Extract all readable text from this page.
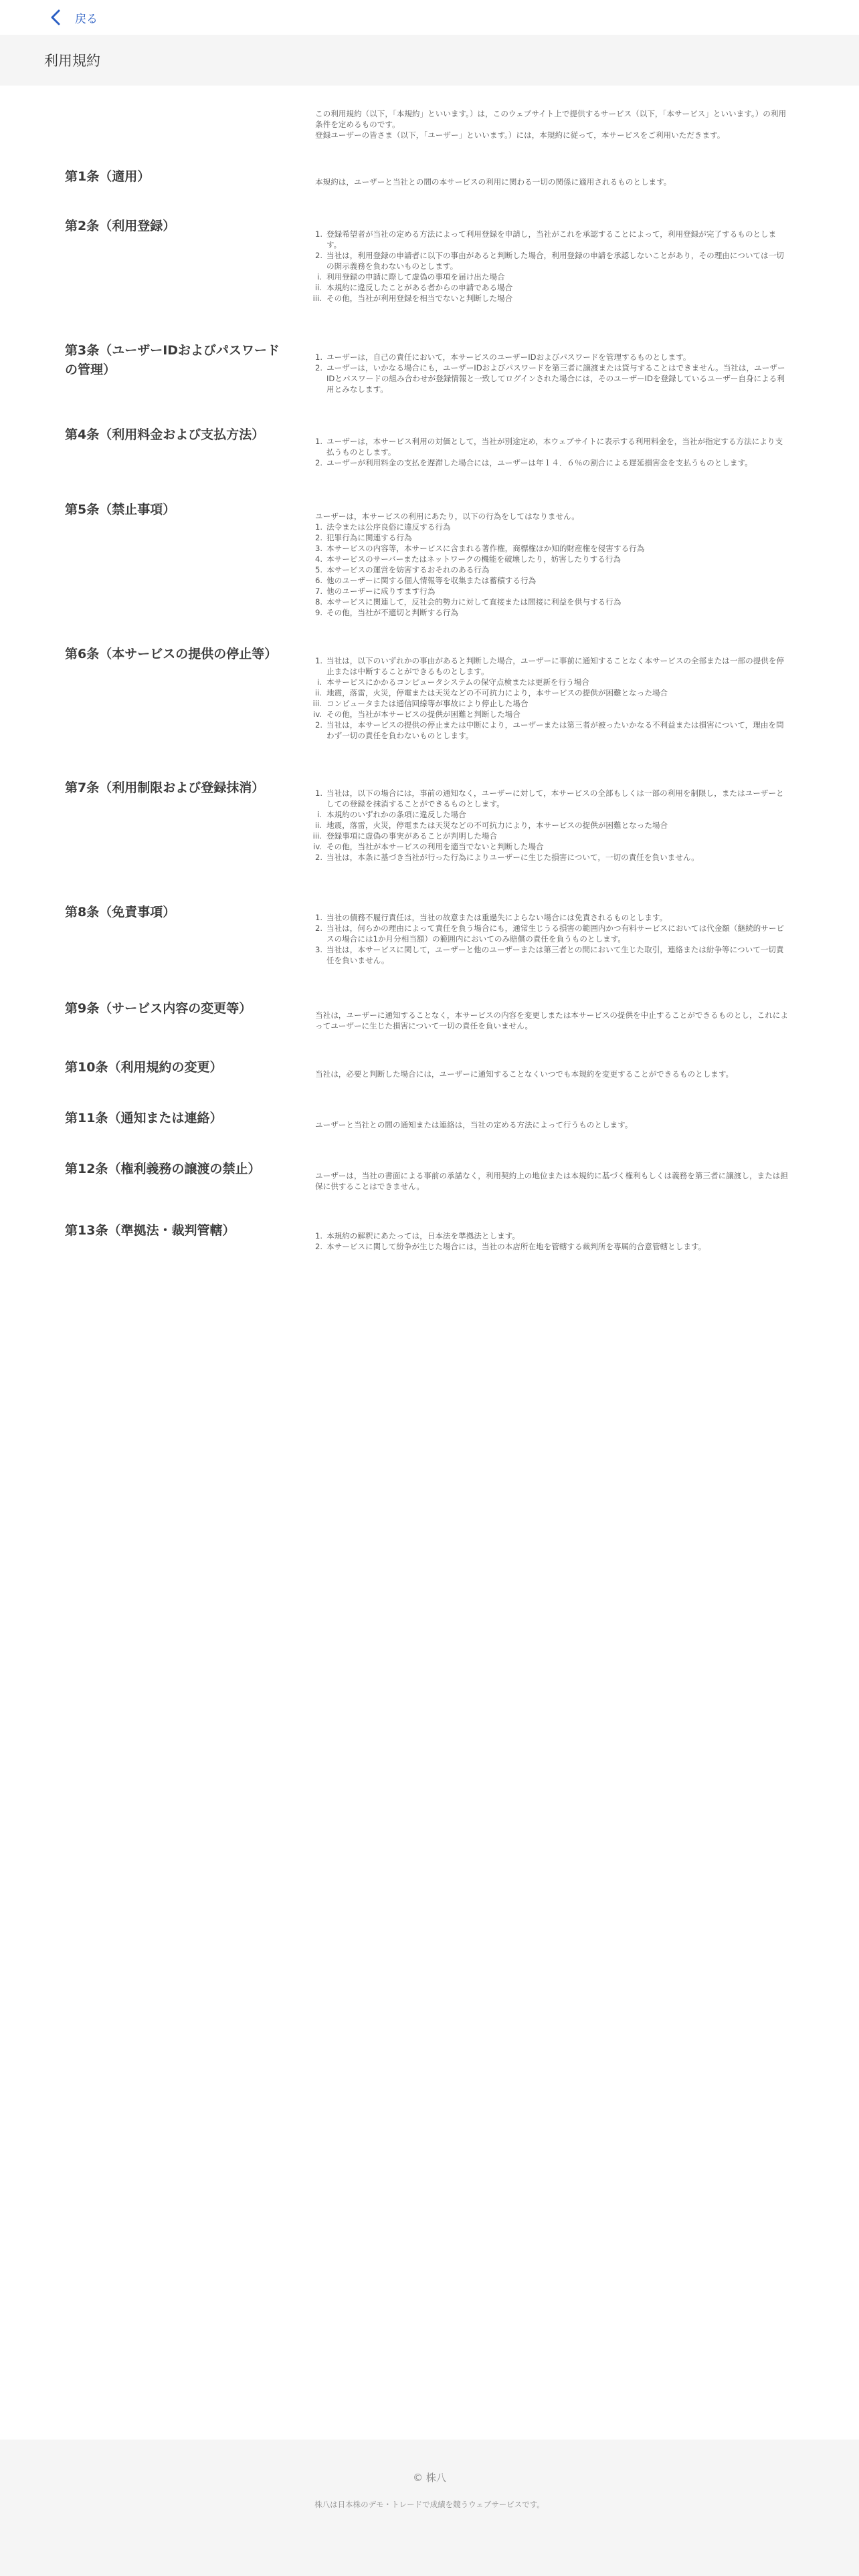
戻る
利用規約

この利用規約（以下，「本規約」といいます。）は，このウェブサイト上で提供するサービス（以下，「本サービス」といいます。）の利用条件を定めるものです。

登録ユーザーの皆さま（以下，「ユーザー」といいます。）には，本規約に従って，本サービスをご利用いただきます。

第1条（適用）	本規約は，ユーザーと当社との間の本サービスの利用に関わる一切の関係に適用されるものとします。

第2条（利用登録）
1. 登録希望者が当社の定める方法によって利用登録を申請し，当社がこれを承認することによって，利用登録が完了するものとします。
2. 当社は，利用登録の申請者に以下の事由があると判断した場合，利用登録の申請を承認しないことがあり，その理由については一切の開示義務を負わないものとします。
i. 利用登録の申請に際して虚偽の事項を届け出た場合
ii. 本規約に違反したことがある者からの申請である場合
iii. その他，当社が利用登録を相当でないと判断した場合
第3条（ユーザーIDおよびパスワードの管理）
1. ユーザーは，自己の責任において，本サービスのユーザーIDおよびパスワードを管理するものとします。
2. ユーザーは，いかなる場合にも，ユーザーIDおよびパスワードを第三者に譲渡または貸与することはできません。当社は，ユーザーIDとパスワードの組み合わせが登録情報と一致してログインされた場合には，そのユーザーIDを登録しているユーザー自身による利用とみなします。
第4条（利用料金および支払方法）	1. ユーザーは，本サービス利用の対価として，当社が別途定め，本ウェブサイトに表示する利用料金を，当社が指定する方法により支払うものとします。
2. ユーザーが利用料金の支払を遅滞した場合には，ユーザーは年１４．６％の割合による遅延損害金を支払うものとします。
第5条（禁止事項）	ユーザーは，本サービスの利用にあたり，以下の行為をしてはなりません。

1. 法令または公序良俗に違反する行為
2. 犯罪行為に関連する行為
3. 本サービスの内容等，本サービスに含まれる著作権，商標権ほか知的財産権を侵害する行為
4. 本サービスのサーバーまたはネットワークの機能を破壊したり，妨害したりする行為
5. 本サービスの運営を妨害するおそれのある行為
6. 他のユーザーに関する個人情報等を収集または蓄積する行為
7. 他のユーザーに成りすます行為
8. 本サービスに関連して，反社会的勢力に対して直接または間接に利益を供与する行為
9. その他，当社が不適切と判断する行為
第6条（本サービスの提供の停止等）	1. 当社は，以下のいずれかの事由があると判断した場合，ユーザーに事前に通知することなく本サービスの全部または一部の提供を停止または中断することができるものとします。
i. 本サービスにかかるコンピュータシステムの保守点検または更新を行う場合
ii. 地震，落雷，火災，停電または天災などの不可抗力により，本サービスの提供が困難となった場合
iii. コンピュータまたは通信回線等が事故により停止した場合
iv. その他，当社が本サービスの提供が困難と判断した場合
2. 当社は，本サービスの提供の停止または中断により，ユーザーまたは第三者が被ったいかなる不利益または損害について，理由を問わず一切の責任を負わないものとします。
第7条（利用制限および登録抹消）	1. 当社は，以下の場合には，事前の通知なく，ユーザーに対して，本サービスの全部もしくは一部の利用を制限し，またはユーザーとしての登録を抹消することができるものとします。
i. 本規約のいずれかの条項に違反した場合
ii. 地震，落雷，火災，停電または天災などの不可抗力により，本サービスの提供が困難となった場合
iii. 登録事項に虚偽の事実があることが判明した場合
iv. その他，当社が本サービスの利用を適当でないと判断した場合
2. 当社は，本条に基づき当社が行った行為によりユーザーに生じた損害について，一切の責任を負いません。
第8条（免責事項）	1. 当社の債務不履行責任は，当社の故意または重過失によらない場合には免責されるものとします。
2. 当社は，何らかの理由によって責任を負う場合にも，通常生じうる損害の範囲内かつ有料サービスにおいては代金額（継続的サービスの場合には1か月分相当額）の範囲内においてのみ賠償の責任を負うものとします。
3. 当社は，本サービスに関して，ユーザーと他のユーザーまたは第三者との間において生じた取引，連絡または紛争等について一切責任を負いません。
第9条（サービス内容の変更等）	当社は，ユーザーに通知することなく，本サービスの内容を変更しまたは本サービスの提供を中止することができるものとし，これによってユーザーに生じた損害について一切の責任を負いません。

第10条（利用規約の変更）	当社は，必要と判断した場合には，ユーザーに通知することなくいつでも本規約を変更することができるものとします。

第11条（通知または連絡）	ユーザーと当社との間の通知または連絡は，当社の定める方法によって行うものとします。

第12条（権利義務の譲渡の禁止）	ユーザーは，当社の書面による事前の承諾なく，利用契約上の地位または本規約に基づく権利もしくは義務を第三者に譲渡し，または担保に供することはできません。

第13条（準拠法・裁判管轄）	1. 本規約の解釈にあたっては，日本法を準拠法とします。
2. 本サービスに関して紛争が生じた場合には，当社の本店所在地を管轄する裁判所を専属的合意管轄とします。
© 株八
株八は日本株のデモ・トレードで成績を競うウェブサービスです。
